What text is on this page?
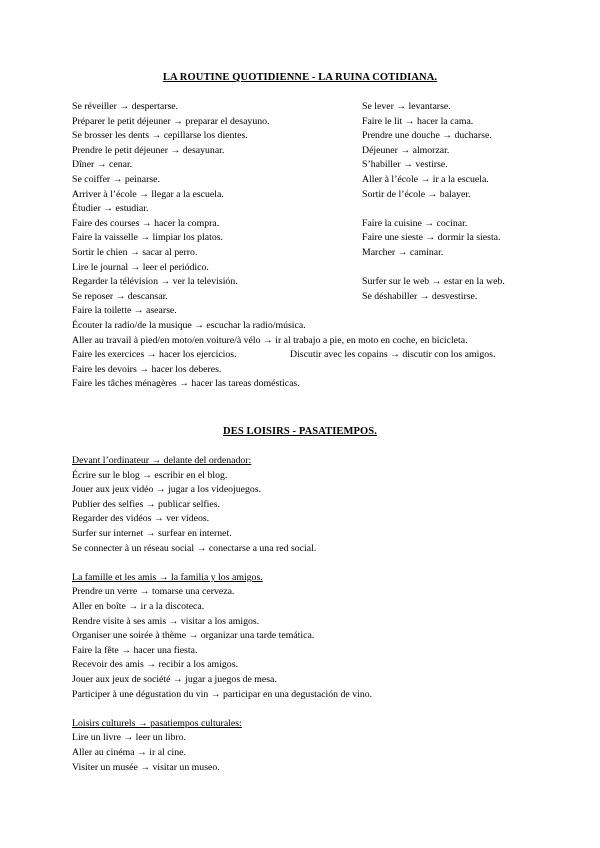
LA ROUTINE QUOTIDIENNE - LA RUINA COTIDIANA.
Se réveiller → despertarse.	Se lever → levantarse.
Préparer le petit déjeuner → preparar el desayuno.	Faire le lit → hacer la cama.
Se brosser les dents → cepillarse los dientes.	Prendre une douche → ducharse.
Prendre le petit déjeuner → desayunar.	Déjeuner → almorzar.
Dîner → cenar.	S’habiller → vestirse.
Se coiffer → peinarse.	Aller à l’école → ir a la escuela.
Arriver à l’école → llegar a la escuela.	Sortir de l’école → balayer.
Étudier → estudiar.
Faire des courses → hacer la compra.	Faire la cuisine → cocinar.
Faire la vaisselle → limpiar los platos.	Faire une sieste → dormir la siesta.
Sortir le chien → sacar al perro.	Marcher → caminar.
Lire le journal → leer el periódico.
Regarder la télévision → ver la televisión.	Surfer sur le web → estar en la web.
Se reposer → descansar.	Se déshabiller → desvestirse.
Faire la toilette → asearse.
Écouter la radio/de la musique → escuchar la radio/música.
Aller au travail à pied/en moto/en voiture/à vélo → ir al trabajo a pie, en moto en coche, en bicicleta.
Faire les exercices → hacer los ejercicios.	Discutir avec les copains → discutir con los amigos.
Faire les devoirs → hacer los deberes.
Faire les tâches ménagères → hacer las tareas domésticas.
DES LOISIRS - PASATIEMPOS.
Devant l’ordinateur → delante del ordenador:
Écrire sur le blog → escribir en el blog.
Jouer aux jeux vidéo → jugar a los videojuegos.
Publier des selfies → publicar selfies.
Regarder des vidéos → ver vídeos.
Surfer sur internet → surfear en internet.
Se connecter à un réseau social → conectarse a una red social.
La famille et les amis → la familia y los amigos.
Prendre un verre → tomarse una cerveza.
Aller en boîte → ir a la discoteca.
Rendre visite à ses amis → visitar a los amigos.
Organiser une soirée à thème → organizar una tarde temática.
Faire la fête → hacer una fiesta.
Recevoir des amis → recibir a los amigos.
Jouer aux jeux de société → jugar a juegos de mesa.
Participer à une dégustation du vin → participar en una degustación de vino.
Loisirs culturels → pasatiempos culturales:
Lire un livre → leer un libro.
Aller au cinéma → ir al cine.
Visiter un musée → visitar un museo.
